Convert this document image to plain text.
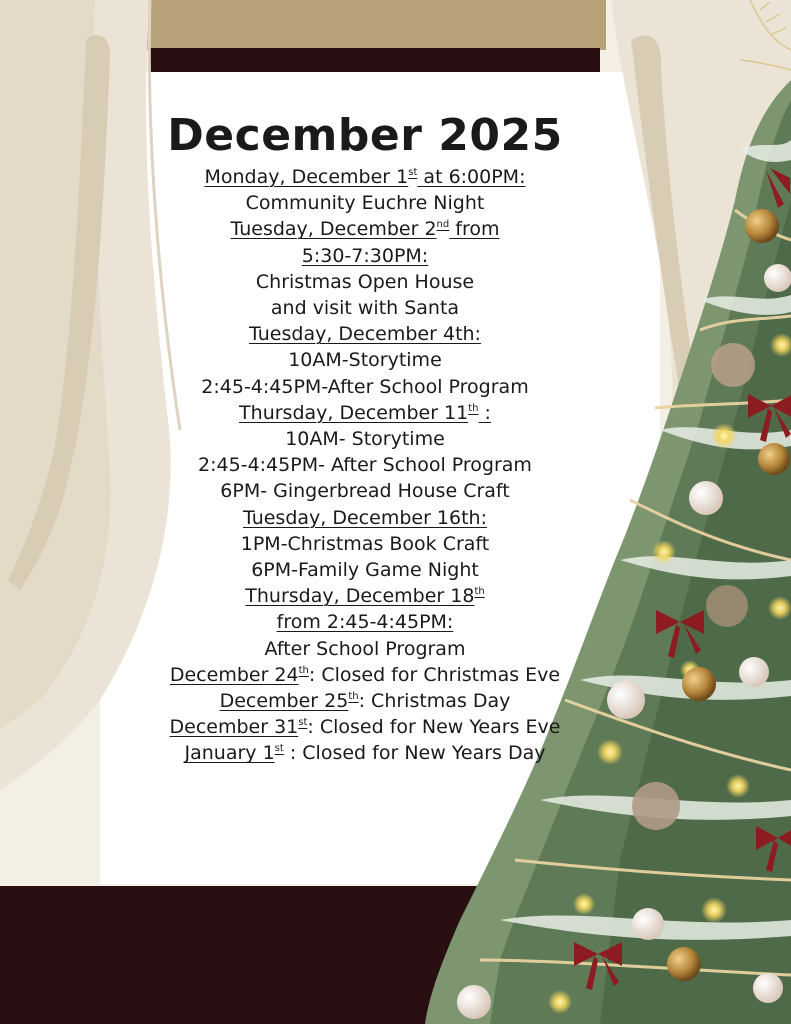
December 2025

Monday, December 1st at 6:00PM:

Community Euchre Night

Tuesday, December 2nd from

5:30-7:30PM:

Christmas Open House

and visit with Santa

Tuesday, December 4th:

10AM-Storytime

2:45-4:45PM-After School Program

Thursday, December 11th :

10AM- Storytime

2:45-4:45PM- After School Program

6PM- Gingerbread House Craft

Tuesday, December 16th:

1PM-Christmas Book Craft

6PM-Family Game Night

Thursday, December 18th

from 2:45-4:45PM:

After School Program

December 24th: Closed for Christmas Eve

December 25th: Christmas Day

December 31st: Closed for New Years Eve

January 1st : Closed for New Years Day
